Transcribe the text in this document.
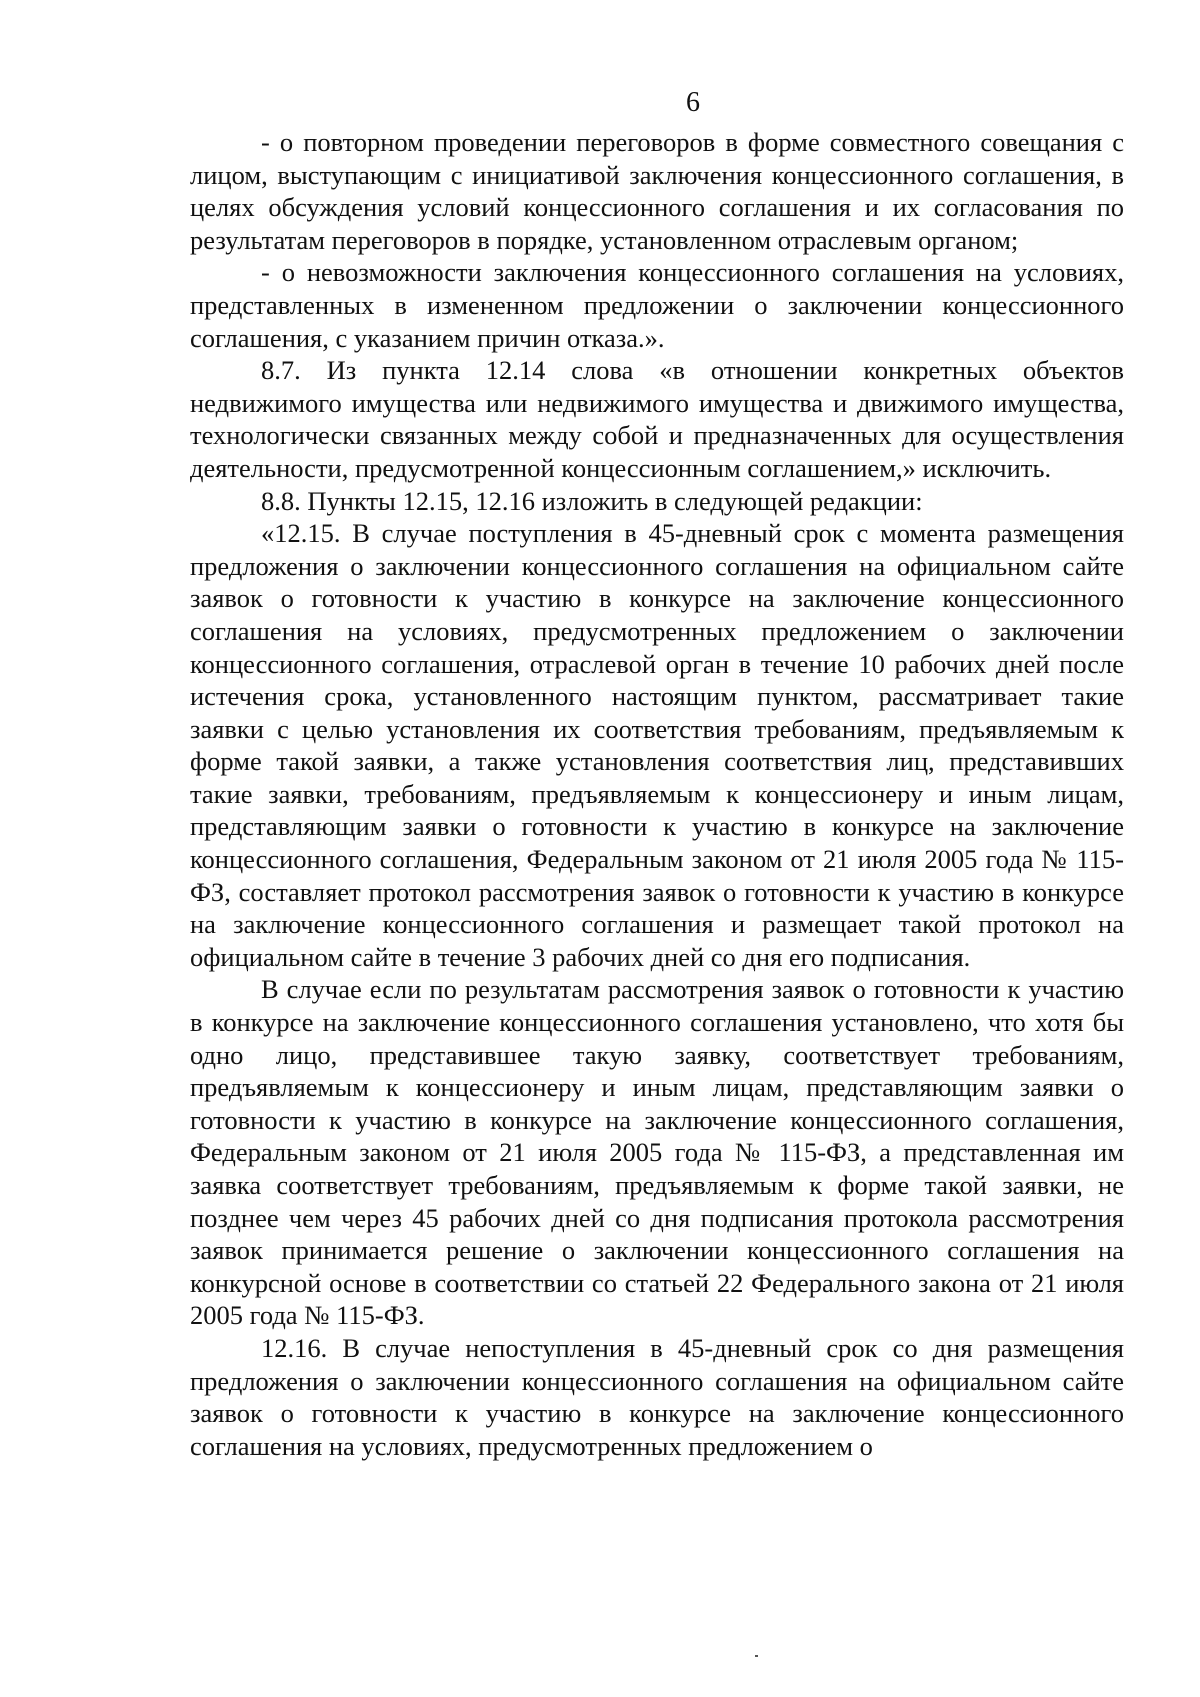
6

- о повторном проведении переговоров в форме совместного совещания с лицом, выступающим с инициативой заключения концессионного соглашения, в целях обсуждения условий концессионного соглашения и их согласования по результатам переговоров в порядке, установленном отраслевым органом;

- о невозможности заключения концессионного соглашения на условиях, представленных в измененном предложении о заключении концессионного соглашения, с указанием причин отказа.».

8.7. Из пункта 12.14 слова «в отношении конкретных объектов недвижимого имущества или недвижимого имущества и движимого имущества, технологически связанных между собой и предназначенных для осуществления деятельности, предусмотренной концессионным соглашением,» исключить.

8.8. Пункты 12.15, 12.16 изложить в следующей редакции:

«12.15. В случае поступления в 45-дневный срок с момента размещения предложения о заключении концессионного соглашения на официальном сайте заявок о готовности к участию в конкурсе на заключение концессионного соглашения на условиях, предусмотренных предложением о заключении концессионного соглашения, отраслевой орган в течение 10 рабочих дней после истечения срока, установленного настоящим пунктом, рассматривает такие заявки с целью установления их соответствия требованиям, предъявляемым к форме такой заявки, а также установления соответствия лиц, представивших такие заявки, требованиям, предъявляемым к концессионеру и иным лицам, представляющим заявки о готовности к участию в конкурсе на заключение концессионного соглашения, Федеральным законом от 21 июля 2005 года № 115-ФЗ, составляет протокол рассмотрения заявок о готовности к участию в конкурсе на заключение концессионного соглашения и размещает такой протокол на официальном сайте в течение 3 рабочих дней со дня его подписания.

В случае если по результатам рассмотрения заявок о готовности к участию в конкурсе на заключение концессионного соглашения установлено, что хотя бы одно лицо, представившее такую заявку, соответствует требованиям, предъявляемым к концессионеру и иным лицам, представляющим заявки о готовности к участию в конкурсе на заключение концессионного соглашения, Федеральным законом от 21 июля 2005 года № 115-ФЗ, а представленная им заявка соответствует требованиям, предъявляемым к форме такой заявки, не позднее чем через 45 рабочих дней со дня подписания протокола рассмотрения заявок принимается решение о заключении концессионного соглашения на конкурсной основе в соответствии со статьей 22 Федерального закона от 21 июля 2005 года № 115-ФЗ.

12.16. В случае непоступления в 45-дневный срок со дня размещения предложения о заключении концессионного соглашения на официальном сайте заявок о готовности к участию в конкурсе на заключение концессионного соглашения на условиях, предусмотренных предложением о
